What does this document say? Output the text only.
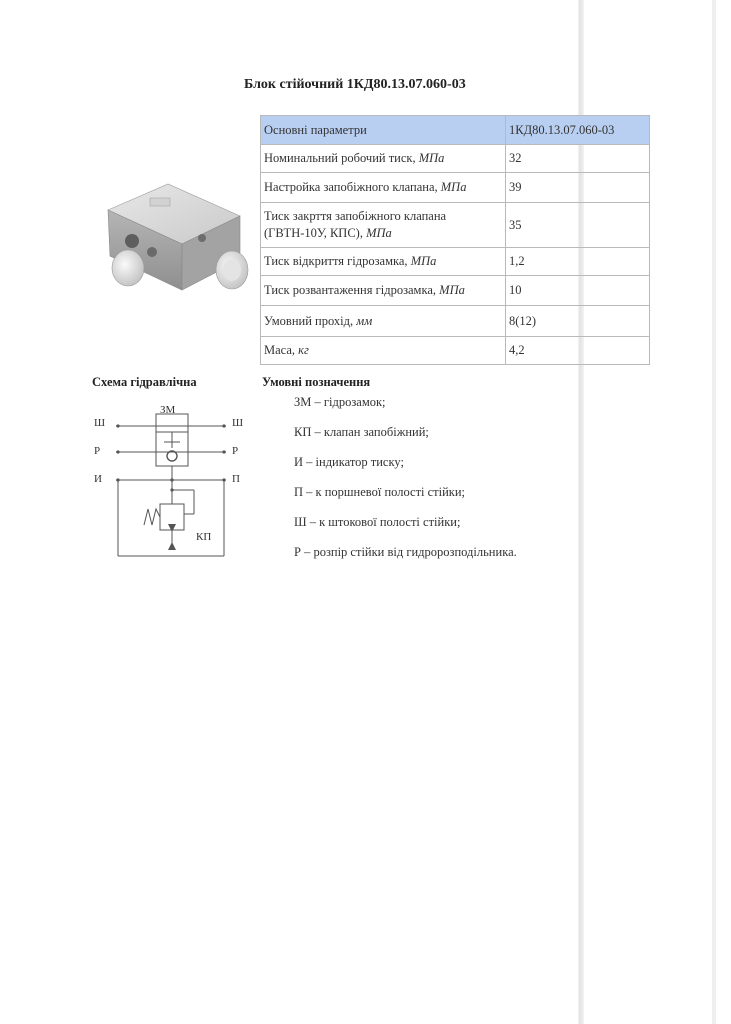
Блок стійочний 1КД80.13.07.060-03
Основні параметри	1КД80.13.07.060-03
Номинальний робочий тиск, МПа	32
Настройка запобіжного клапана, МПа	39
Тиск закрття запобіжного клапана (ГВТН-10У, КПС), МПа	35
Тиск відкриття гідрозамка, МПа	1,2
Тиск розвантаження гідрозамка, МПа	10
Умовний прохід, мм	8(12)
Маса, кг	4,2
Схема гідравлічна
Ш	Ш
Р	Р
И	П
ЗМ
КП
Умовні позначення
ЗМ – гідрозамок;
КП – клапан запобіжний;
И – індикатор тиску;
П – к поршневої полості стійки;
Ш – к штокової полості стійки;
Р – розпір стійки від гидророзподільника.
